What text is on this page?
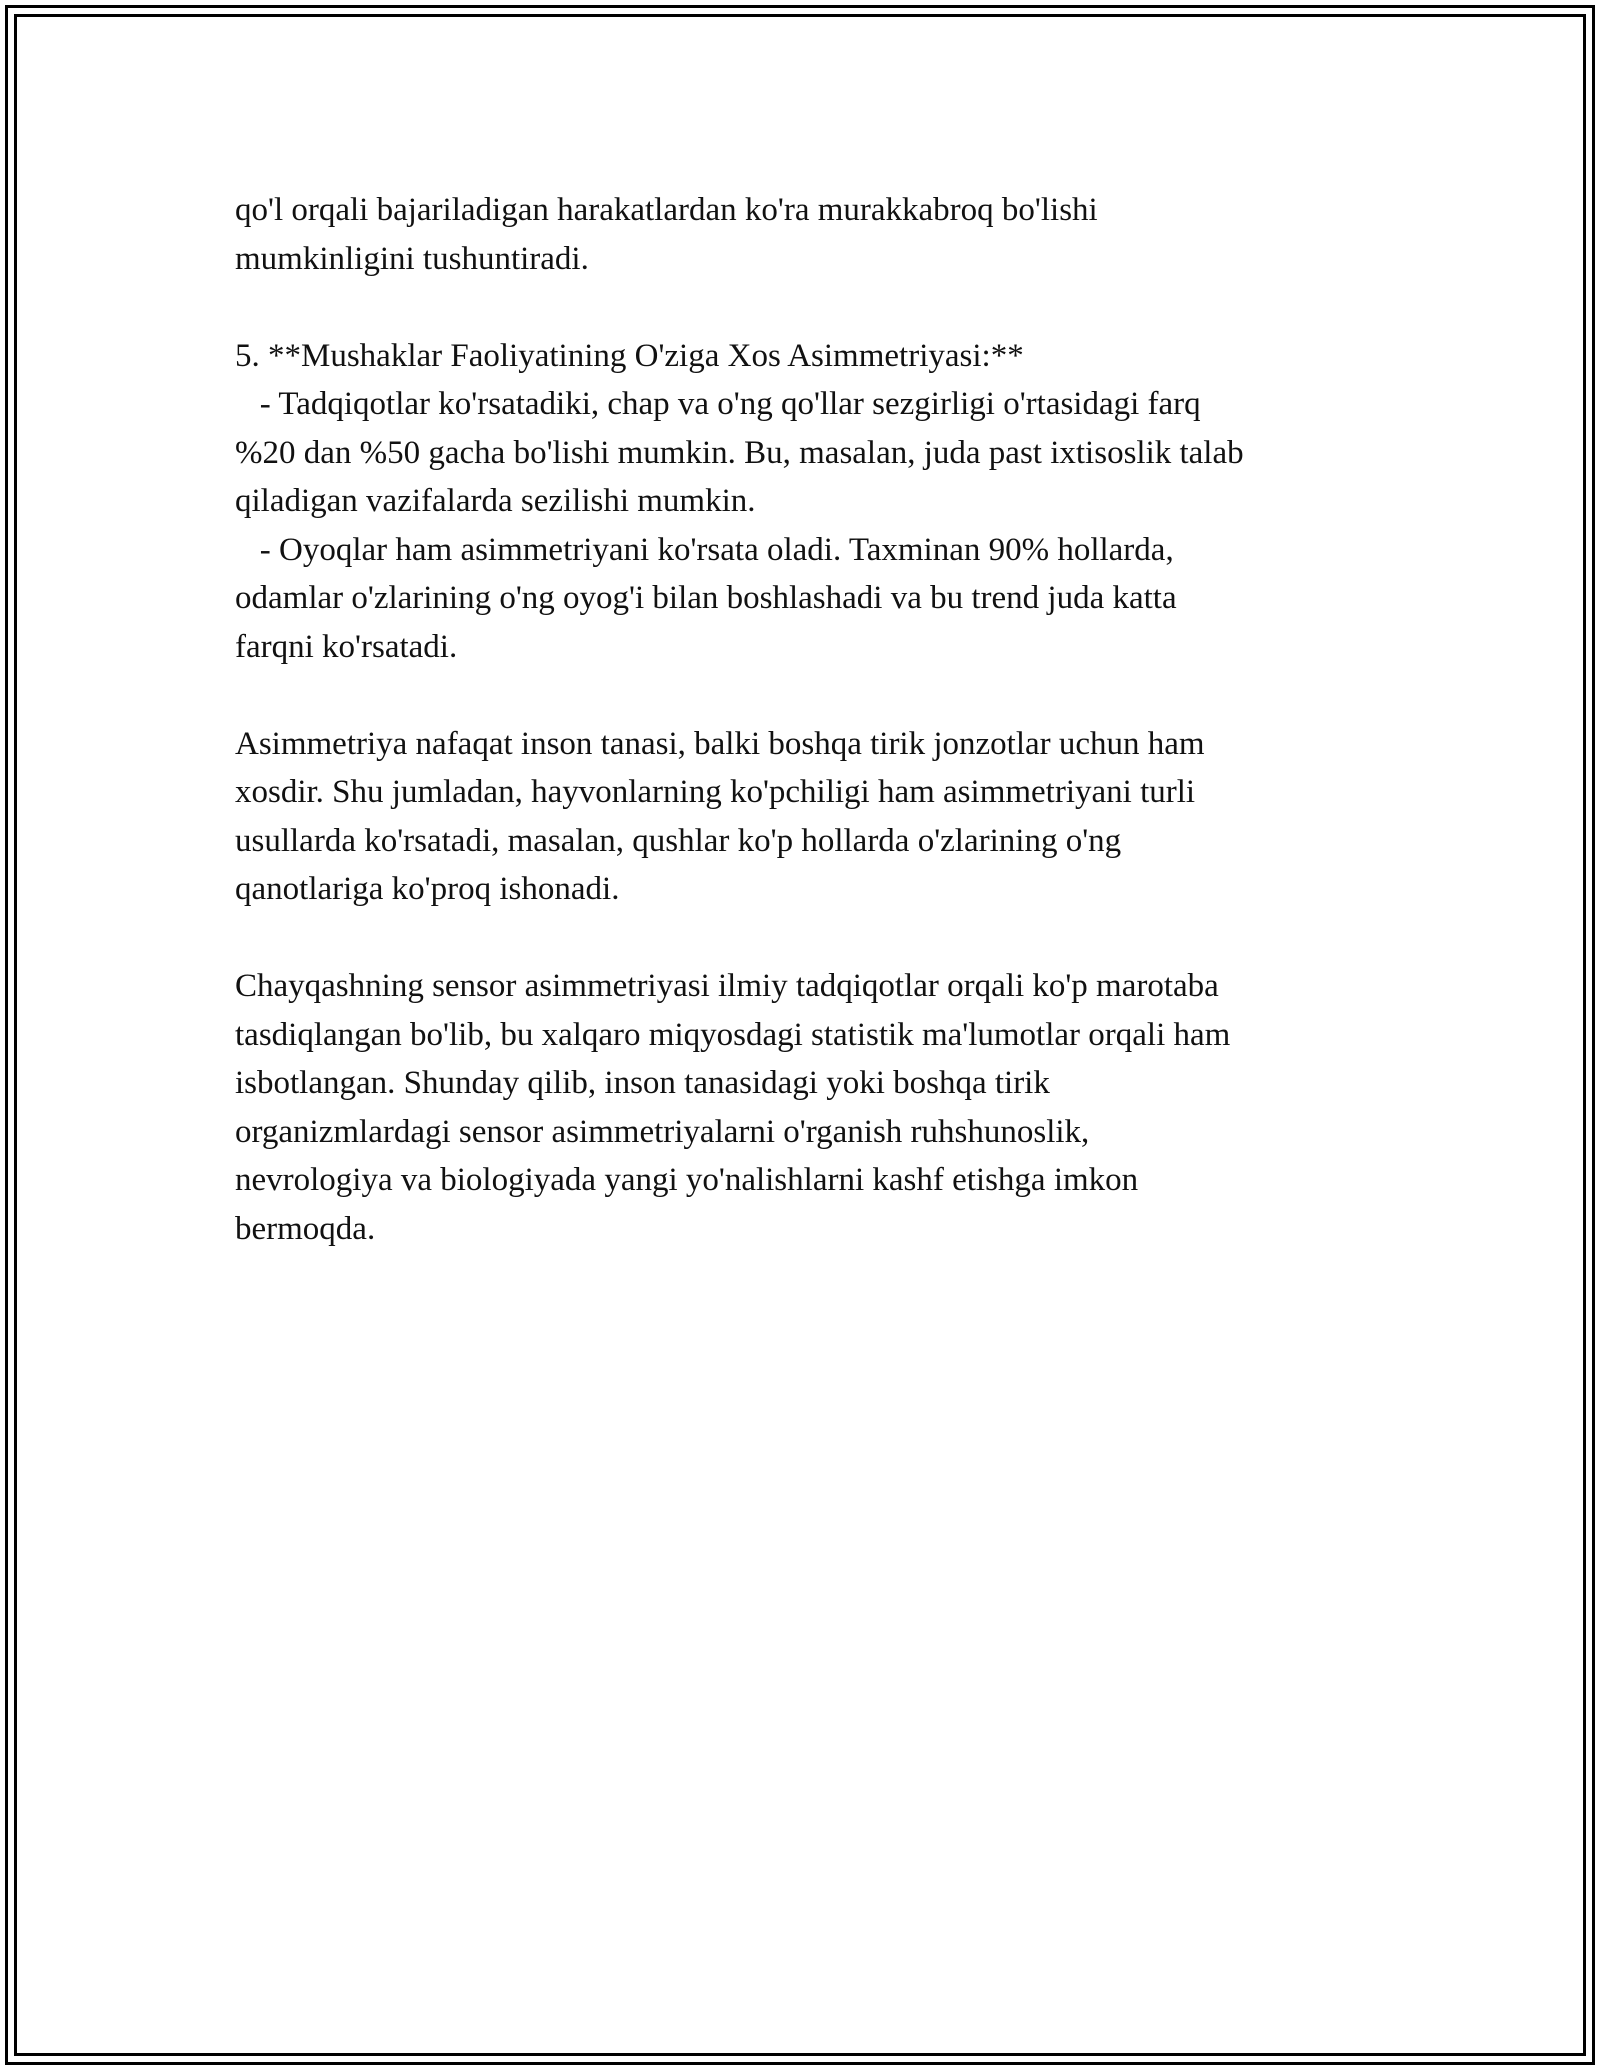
qo'l orqali bajariladigan harakatlardan ko'ra murakkabroq bo'lishi
mumkinligini tushuntiradi.
5. **Mushaklar Faoliyatining O'ziga Xos Asimmetriyasi:**
- Tadqiqotlar ko'rsatadiki, chap va o'ng qo'llar sezgirligi o'rtasidagi farq
%20 dan %50 gacha bo'lishi mumkin. Bu, masalan, juda past ixtisoslik talab
qiladigan vazifalarda sezilishi mumkin.
- Oyoqlar ham asimmetriyani ko'rsata oladi. Taxminan 90% hollarda,
odamlar o'zlarining o'ng oyog'i bilan boshlashadi va bu trend juda katta
farqni ko'rsatadi.
Asimmetriya nafaqat inson tanasi, balki boshqa tirik jonzotlar uchun ham
xosdir. Shu jumladan, hayvonlarning ko'pchiligi ham asimmetriyani turli
usullarda ko'rsatadi, masalan, qushlar ko'p hollarda o'zlarining o'ng
qanotlariga ko'proq ishonadi.
Chayqashning sensor asimmetriyasi ilmiy tadqiqotlar orqali ko'p marotaba
tasdiqlangan bo'lib, bu xalqaro miqyosdagi statistik ma'lumotlar orqali ham
isbotlangan. Shunday qilib, inson tanasidagi yoki boshqa tirik
organizmlardagi sensor asimmetriyalarni o'rganish ruhshunoslik,
nevrologiya va biologiyada yangi yo'nalishlarni kashf etishga imkon
bermoqda.
